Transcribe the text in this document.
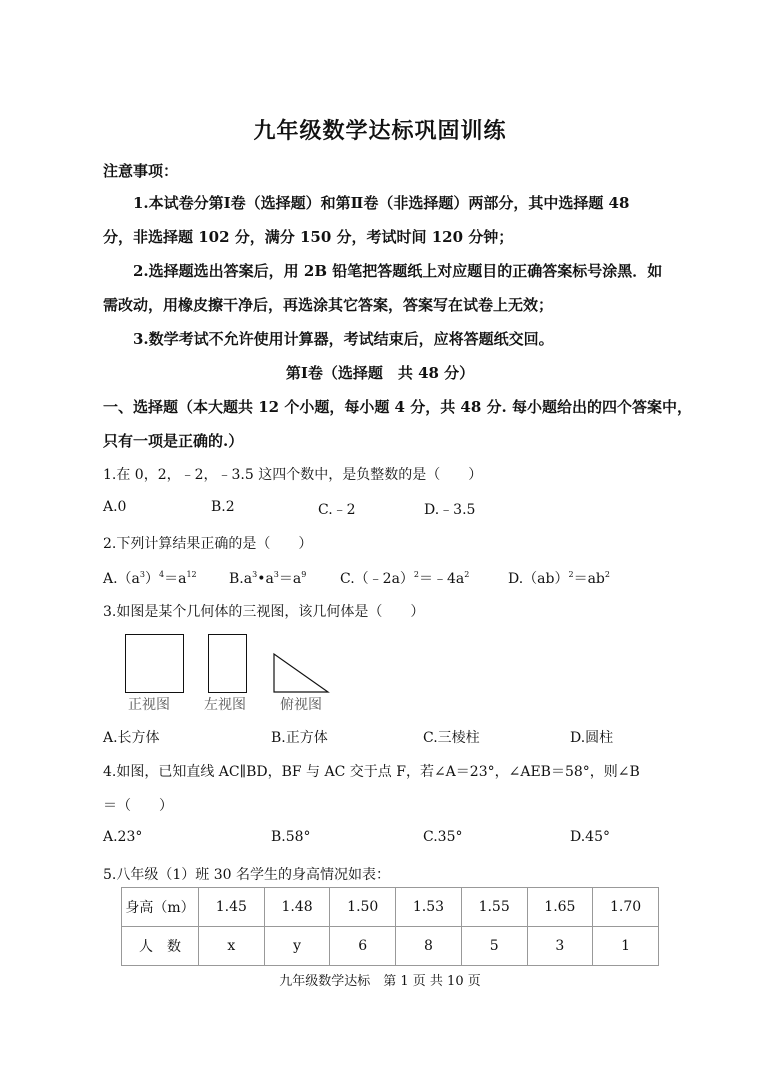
九年级数学达标巩固训练
注意事项：
1.本试卷分第Ⅰ卷（选择题）和第Ⅱ卷（非选择题）两部分，其中选择题 48
分，非选择题 102 分，满分 150 分，考试时间 120 分钟；
2.选择题选出答案后，用 2B 铅笔把答题纸上对应题目的正确答案标号涂黑．如
需改动，用橡皮擦干净后，再选涂其它答案，答案写在试卷上无效；
3.数学考试不允许使用计算器，考试结束后，应将答题纸交回。
第Ⅰ卷（选择题　共 48 分）
一、选择题（本大题共 12 个小题，每小题 4 分，共 48 分. 每小题给出的四个答案中，
只有一项是正确的.）
1.在 0，2，﹣2，﹣3.5 这四个数中，是负整数的是（　　）
A.0	B.2	C.﹣2	D.﹣3.5
2.下列计算结果正确的是（　　）
$A.(a^3)^4=a^{12}$ $B.a^3•a^3=a^9$ $C.(﹣2a)^2=﹣4a^2$	$D.(ab)^2=ab^2$
3.如图是某个几何体的三视图，该几何体是（　　）
正视图 左视图 俯视图
A.长方体	B.正方体	C.三棱柱	D.圆柱
4.如图，已知直线 AC∥BD，BF 与 AC 交于点 F，若∠A＝23°，∠AEB＝58°，则∠B
＝（　　）
A.23°	B.58°	C.35°	D.45°
5.八年级（1）班 30 名学生的身高情况如表：
身高（m）	1.45	1.48	1.50	1.53	1.55	1.65	1.70
人　数	x	y	6	8	5	3	1
九年级数学达标　第 1 页 共 10 页
